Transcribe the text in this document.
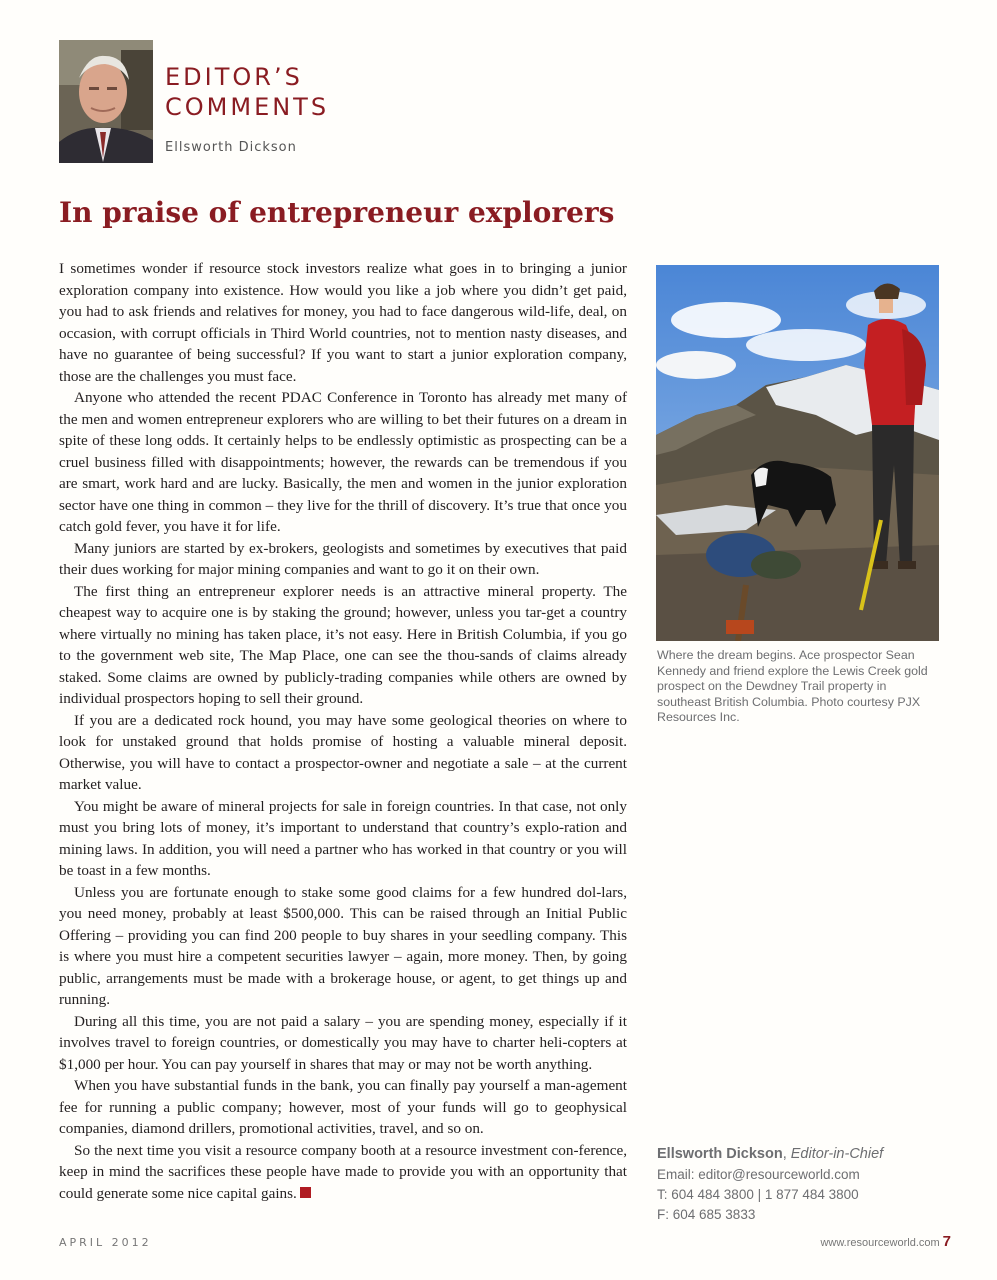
EDITOR’S
COMMENTS
Ellsworth Dickson
In praise of entrepreneur explorers

I sometimes wonder if resource stock investors realize what goes in to bringing a junior exploration company into existence. How would you like a job where you didn’t get paid, you had to ask friends and relatives for money, you had to face dangerous wild-life, deal, on occasion, with corrupt officials in Third World countries, not to mention nasty diseases, and have no guarantee of being successful? If you want to start a junior exploration company, those are the challenges you must face.

Anyone who attended the recent PDAC Conference in Toronto has already met many of the men and women entrepreneur explorers who are willing to bet their futures on a dream in spite of these long odds. It certainly helps to be endlessly optimistic as prospecting can be a cruel business filled with disappointments; however, the rewards can be tremendous if you are smart, work hard and are lucky. Basically, the men and women in the junior exploration sector have one thing in common – they live for the thrill of discovery. It’s true that once you catch gold fever, you have it for life.

Many juniors are started by ex-brokers, geologists and sometimes by executives that paid their dues working for major mining companies and want to go it on their own.

The first thing an entrepreneur explorer needs is an attractive mineral property. The cheapest way to acquire one is by staking the ground; however, unless you tar-get a country where virtually no mining has taken place, it’s not easy. Here in British Columbia, if you go to the government web site, The Map Place, one can see the thou-sands of claims already staked. Some claims are owned by publicly-trading companies while others are owned by individual prospectors hoping to sell their ground.

If you are a dedicated rock hound, you may have some geological theories on where to look for unstaked ground that holds promise of hosting a valuable mineral deposit. Otherwise, you will have to contact a prospector-owner and negotiate a sale – at the current market value.

You might be aware of mineral projects for sale in foreign countries. In that case, not only must you bring lots of money, it’s important to understand that country’s explo-ration and mining laws. In addition, you will need a partner who has worked in that country or you will be toast in a few months.

Unless you are fortunate enough to stake some good claims for a few hundred dol-lars, you need money, probably at least $500,000. This can be raised through an Initial Public Offering – providing you can find 200 people to buy shares in your seedling company. This is where you must hire a competent securities lawyer – again, more money. Then, by going public, arrangements must be made with a brokerage house, or agent, to get things up and running.

During all this time, you are not paid a salary – you are spending money, especially if it involves travel to foreign countries, or domestically you may have to charter heli-copters at $1,000 per hour. You can pay yourself in shares that may or may not be worth anything.

When you have substantial funds in the bank, you can finally pay yourself a man-agement fee for running a public company; however, most of your funds will go to geophysical companies, diamond drillers, promotional activities, travel, and so on.

So the next time you visit a resource company booth at a resource investment con-ference, keep in mind the sacrifices these people have made to provide you with an opportunity that could generate some nice capital gains.

Where the dream begins. Ace prospector Sean Kennedy and friend explore the Lewis Creek gold prospect on the Dewdney Trail property in southeast British Columbia. Photo courtesy PJX Resources Inc.

Ellsworth Dickson, Editor-in-Chief
Email: editor@resourceworld.com
T: 604 484 3800 | 1 877 484 3800
F: 604 685 3833
APRIL 2012	www.resourceworld.com 7
